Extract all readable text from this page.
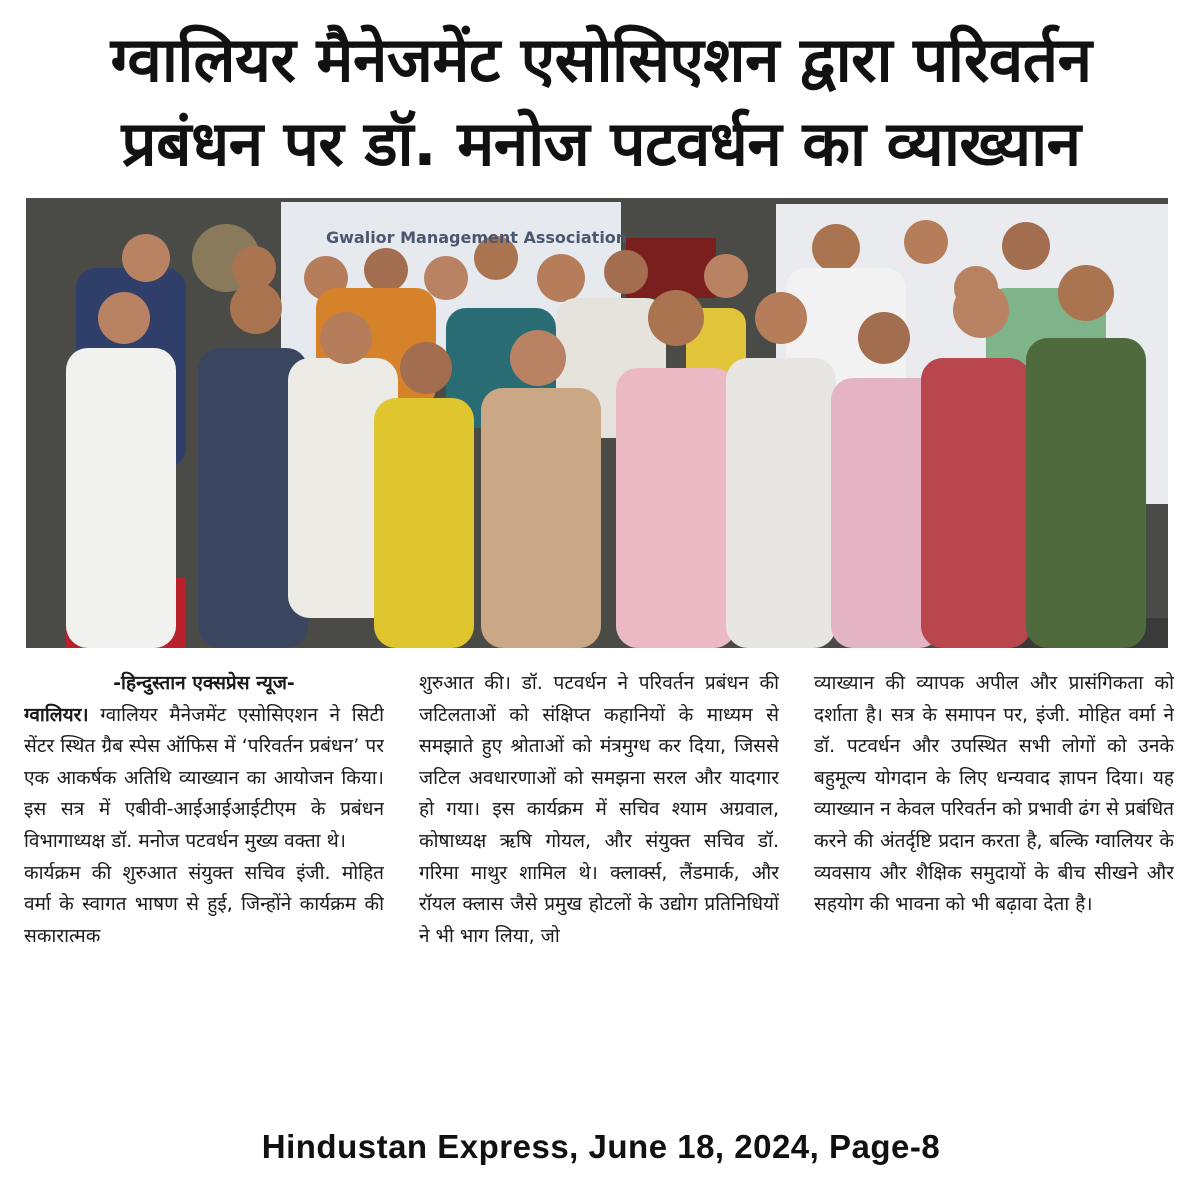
ग्वालियर मैनेजमेंट एसोसिएशन द्वारा परिवर्तन
प्रबंधन पर डॉ. मनोज पटवर्धन का व्याख्यान
Gwalior Management Association

-हिन्दुस्तान एक्सप्रेस न्यूज-

ग्वालियर। ग्वालियर मैनेजमेंट एसोसिएशन ने सिटी सेंटर स्थित ग्रैब स्पेस ऑफिस में ‘परिवर्तन प्रबंधन’ पर एक आकर्षक अतिथि व्याख्यान का आयोजन किया। इस सत्र में एबीवी-आईआईआईटीएम के प्रबंधन विभागाध्यक्ष डॉ. मनोज पटवर्धन मुख्य वक्ता थे।

कार्यक्रम की शुरुआत संयुक्त सचिव इंजी. मोहित वर्मा के स्वागत भाषण से हुई, जिन्होंने कार्यक्रम की सकारात्मक

शुरुआत की। डॉ. पटवर्धन ने परिवर्तन प्रबंधन की जटिलताओं को संक्षिप्त कहानियों के माध्यम से समझाते हुए श्रोताओं को मंत्रमुग्ध कर दिया, जिससे जटिल अवधारणाओं को समझना सरल और यादगार हो गया। इस कार्यक्रम में सचिव श्याम अग्रवाल, कोषाध्यक्ष ऋषि गोयल, और संयुक्त सचिव डॉ. गरिमा माथुर शामिल थे। क्लार्क्स, लैंडमार्क, और रॉयल क्लास जैसे प्रमुख होटलों के उद्योग प्रतिनिधियों ने भी भाग लिया, जो

व्याख्यान की व्यापक अपील और प्रासंगिकता को दर्शाता है। सत्र के समापन पर, इंजी. मोहित वर्मा ने डॉ. पटवर्धन और उपस्थित सभी लोगों को उनके बहुमूल्य योगदान के लिए धन्यवाद ज्ञापन दिया। यह व्याख्यान न केवल परिवर्तन को प्रभावी ढंग से प्रबंधित करने की अंतर्दृष्टि प्रदान करता है, बल्कि ग्वालियर के व्यवसाय और शैक्षिक समुदायों के बीच सीखने और सहयोग की भावना को भी बढ़ावा देता है।

Hindustan Express, June 18, 2024, Page-8
